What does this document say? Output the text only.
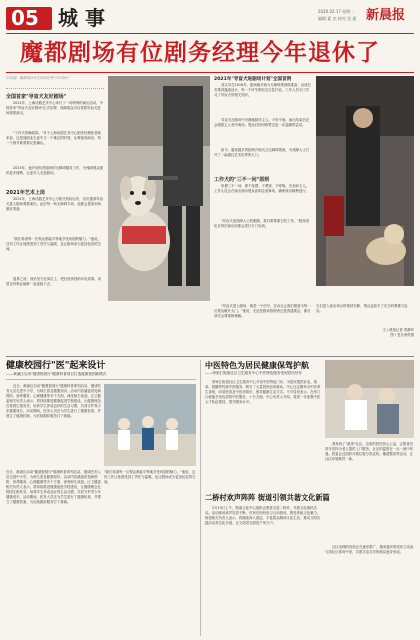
05 城 事	2020.02.17 星期一
编辑 素 杰 校对 佳 露 新晨报
魔都剧场有位剧务经理今年退休了
原标题：魔都剧场有位剧务经理今年退休了
全国首家"导盲犬友好剧场"
2021年，上海话剧艺术中心举行了一场特殊的演出活动，中国首家"导盲犬友好剧场"正式挂牌，视障观众可以带着导盲犬进场观看演出。
"工作犬的确很乖。"对于上海话剧艺术中心剧务经理张老师来说，这是他职业生涯中又一个难忘的时刻，从筹备到演出，每一个细节都需要反复确认。
2015年，他开始负责剧场的无障碍服务工作，为残障观众提供更多便利，让更多人走进剧场。
2021年艺术上岗
2021年，上海话剧艺术中心与相关机构合作，首次邀请导盲犬进入剧场观看演出。此后每一场无障碍专场，他都会提前到场做好准备。
"我们希望每一位观众都能平等地享受戏剧的魅力。"他说，这份工作让他感受到了责任与温暖，也让剧场成为更加包容的空间。
退休之前，他仍坚守在岗位上，把经验传授给年轻同事，希望这份事业能够一直延续下去。
2021年"导盲犬进剧场计划"全国首例
其实早在2018年，剧场就开始为无障碍观演做准备，从座位安排到通道设计，每一个环节都经过反复讨论。工作人员专门学习了导盲犬的相关知识。
导盲犬在剧场中安静地陪伴主人，不吵不闹，演出结束后还会跟着主人有序离场。观众们纷纷称赞这是一次温暖的尝试。
如今，越来越多的剧场开始关注无障碍观演，为残障人士打开了一扇通往艺术世界的大门。
工作犬的"三不一问"原则
所谓三不一问，即不抚摸、不喂食、不呼唤，先询问主人。工作人员会在演出前向观众说明注意事项，确保演出顺利进行。
"导盲犬是视障人士的眼睛，我们要尊重它的工作。"剧务团队在每次演出前都会进行专门培训。
"导盲犬进入剧场，就是一个信号，告诉社会我们愿意为每一位观众敞开大门。"他说，无论是剧场管理者还是普通观众，都应该学会尊重和理解。
它们进入演出场合时保持安静，观众也给予了充分的尊重与包容。
文 / 晨报记者 郑静华
图 / 受访者供图
健康校园行"医"起来设计
——黄浦区启用"健康校园行"健康科普项目打造健康校园新模式
近日，黄浦区启动"健康校园行"健康科普系列活动，邀请医务人员走进中小学，为师生普及健康知识。活动内容涵盖常见病预防、营养膳食、心理健康等多个方面，深受师生欢迎。区卫健委相关负责人表示，将持续推进健康促进学校建设，让健康理念在校园生根发芽，培养学生养成良好的生活习惯，共同守护青少年健康成长。活动期间，医务人员还为学生进行了健康检查，并建立了健康档案，为后续跟踪服务打下基础。
近日，黄浦区启动"健康校园行"健康科普系列活动，邀请医务人员走进中小学，为师生普及健康知识。活动内容涵盖常见病预防、营养膳食、心理健康等多个方面，深受师生欢迎。区卫健委相关负责人表示，将持续推进健康促进学校建设，让健康理念在校园生根发芽，培养学生养成良好的生活习惯，共同守护青少年健康成长。活动期间，医务人员还为学生进行了健康检查，并建立了健康档案，为后续跟踪服务打下基础。
"我们希望每一位观众都能平等地享受戏剧的魅力。"他说，这份工作让他感受到了责任与温暖，也让剧场成为更加包容的空间。
中医特色为居民健康保驾护航
——徐家汇街道社区卫生服务中心中医特色服务受到居民好评
徐家汇街道社区卫生服务中心开设中医特色门诊，为居民提供针灸、推拿、拔罐等传统中医服务，吸引了大量居民前来就诊。中心还定期举办中医养生讲座，向居民普及中医药知识，倡导健康生活方式。不少居民表示，在家门口就能享受优质的中医服务，十分方便。中心负责人介绍，将进一步加强中医人才队伍建设，提升服务水平。
我发现了"最美"社区，这里的居民热心公益，志愿者们常年坚持为老人提供上门服务，社区的温度在一点一滴中传递。居委会还组织开展垃圾分类宣传、楼道整治等活动，让社区环境焕然一新。
二桥村欢声阵阵 街道引领共谐文化新篇
2月13日上午，街道文化中心组织志愿者走进二桥村，开展文化惠民活动。活动现场欢声笑语不断，村民们纷纷参与互动游戏，感受传统文化魅力。街道相关负责人表示，将继续深入基层，丰富群众精神文化生活，推动文明实践活动常态化开展，让文化阳光照进千家万户。
社区治理的经验正在逐步推广，越来越多的居民主动参与到社区事务中来，共建共治共享的格局逐步形成。
